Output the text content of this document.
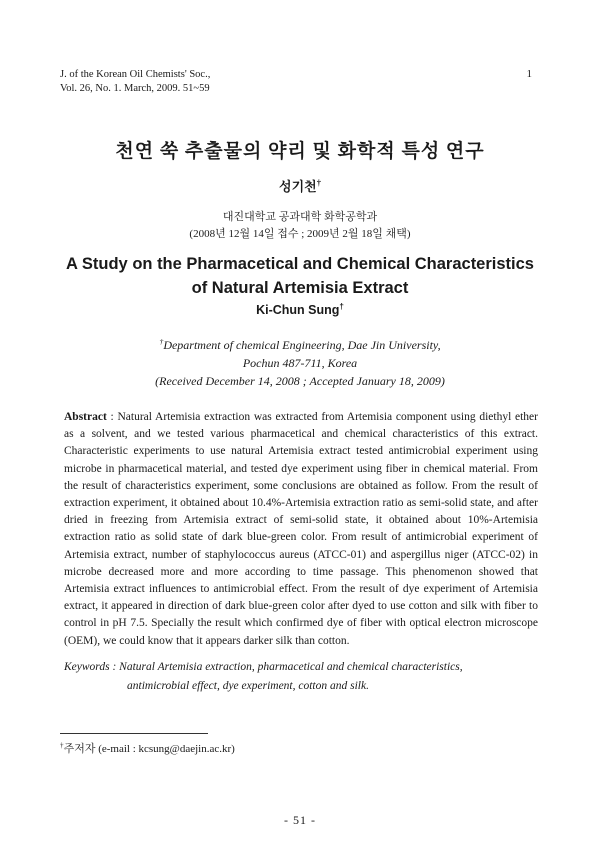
J. of the Korean Oil Chemists' Soc.,
Vol. 26, No. 1. March, 2009. 51~59
1
천연 쑥 추출물의 약리 및 화학적 특성 연구
성기천†
대진대학교 공과대학 화학공학과
(2008년 12월 14일 접수 ; 2009년 2월 18일 채택)
A Study on the Pharmacetical and Chemical Characteristics
of Natural Artemisia Extract
Ki-Chun Sung†
†Department of chemical Engineering, Dae Jin University,
Pochun 487-711, Korea
(Received December 14, 2008 ; Accepted January 18, 2009)
Abstract : Natural Artemisia extraction was extracted from Artemisia component using diethyl ether as a solvent, and we tested various pharmacetical and chemical characteristics of this extract. Characteristic experiments to use natural Artemisia extract tested antimicrobial experiment using microbe in pharmacetical material, and tested dye experiment using fiber in chemical material. From the result of characteristics experiment, some conclusions are obtained as follow. From the result of extraction experiment, it obtained about 10.4%-Artemisia extraction ratio as semi-solid state, and after dried in freezing from Artemisia extract of semi-solid state, it obtained about 10%-Artemisia extraction ratio as solid state of dark blue-green color. From result of antimicrobial experiment of Artemisia extract, number of staphylococcus aureus (ATCC-01) and aspergillus niger (ATCC-02) in microbe decreased more and more according to time passage. This phenomenon showed that Artemisia extract influences to antimicrobial effect. From the result of dye experiment of Artemisia extract, it appeared in direction of dark blue-green color after dyed to use cotton and silk with fiber to control in pH 7.5. Specially the result which confirmed dye of fiber with optical electron microscope (OEM), we could know that it appears darker silk than cotton.
Keywords : Natural Artemisia extraction, pharmacetical and chemical characteristics,
antimicrobial effect, dye experiment, cotton and silk.
†주저자 (e-mail : kcsung@daejin.ac.kr)
- 51 -
